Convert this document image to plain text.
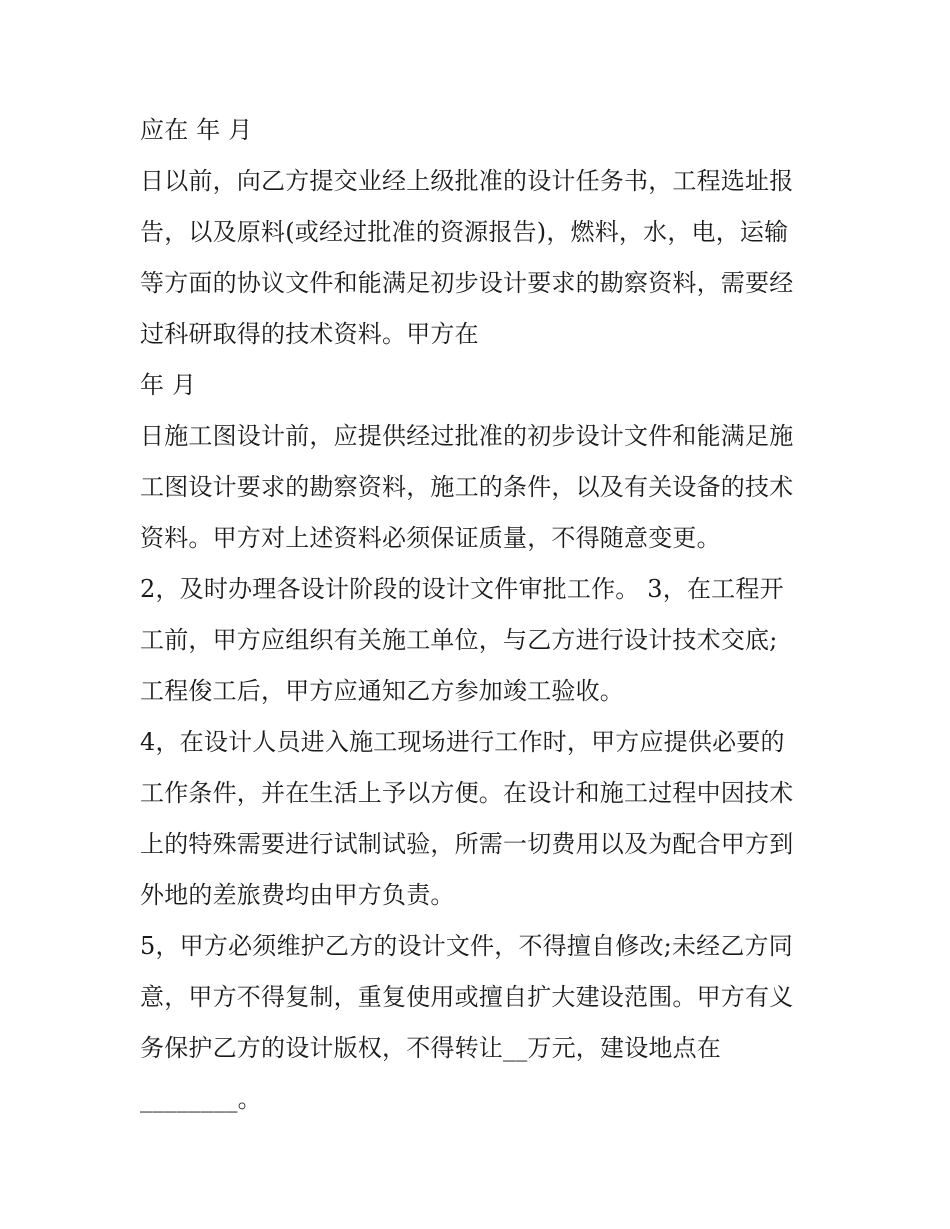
应在 年 月
日以前，向乙方提交业经上级批准的设计任务书，工程选址报
告，以及原料(或经过批准的资源报告)，燃料，水，电，运输
等方面的协议文件和能满足初步设计要求的勘察资料，需要经
过科研取得的技术资料。甲方在
年 月
日施工图设计前，应提供经过批准的初步设计文件和能满足施
工图设计要求的勘察资料，施工的条件，以及有关设备的技术
资料。甲方对上述资料必须保证质量，不得随意变更。
2，及时办理各设计阶段的设计文件审批工作。 3，在工程开
工前，甲方应组织有关施工单位，与乙方进行设计技术交底;
工程俊工后，甲方应通知乙方参加竣工验收。
4，在设计人员进入施工现场进行工作时，甲方应提供必要的
工作条件，并在生活上予以方便。在设计和施工过程中因技术
上的特殊需要进行试制试验，所需一切费用以及为配合甲方到
外地的差旅费均由甲方负责。
5，甲方必须维护乙方的设计文件，不得擅自修改;未经乙方同
意，甲方不得复制，重复使用或擅自扩大建设范围。甲方有义
务保护乙方的设计版权，不得转让__万元，建设地点在
________。
